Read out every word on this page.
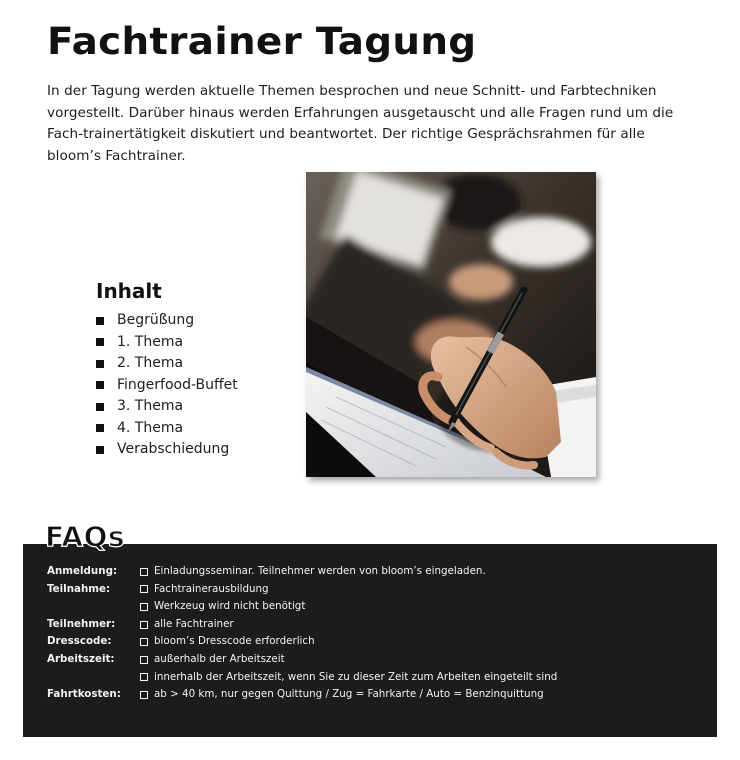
Fachtrainer Tagung

In der Tagung werden aktuelle Themen besprochen und neue Schnitt- und Farbtechniken vorgestellt. Darüber hinaus werden Erfahrungen ausgetauscht und alle Fragen rund um die Fach-trainertätigkeit diskutiert und beantwortet. Der richtige Gesprächsrahmen für alle bloom’s Fachtrainer.

Inhalt
Begrüßung
1. Thema
2. Thema
Fingerfood-Buffet
3. Thema
4. Thema
Verabschiedung
FAQs
Anmeldung:	Einladungsseminar. Teilnehmer werden von bloom’s eingeladen.
Teilnahme:	Fachtrainerausbildung
Werkzeug wird nicht benötigt
Teilnehmer:	alle Fachtrainer
Dresscode:	bloom’s Dresscode erforderlich
Arbeitszeit:	außerhalb der Arbeitszeit
innerhalb der Arbeitszeit, wenn Sie zu dieser Zeit zum Arbeiten eingeteilt sind
Fahrtkosten:	ab > 40 km, nur gegen Quittung / Zug = Fahrkarte / Auto = Benzinquittung
